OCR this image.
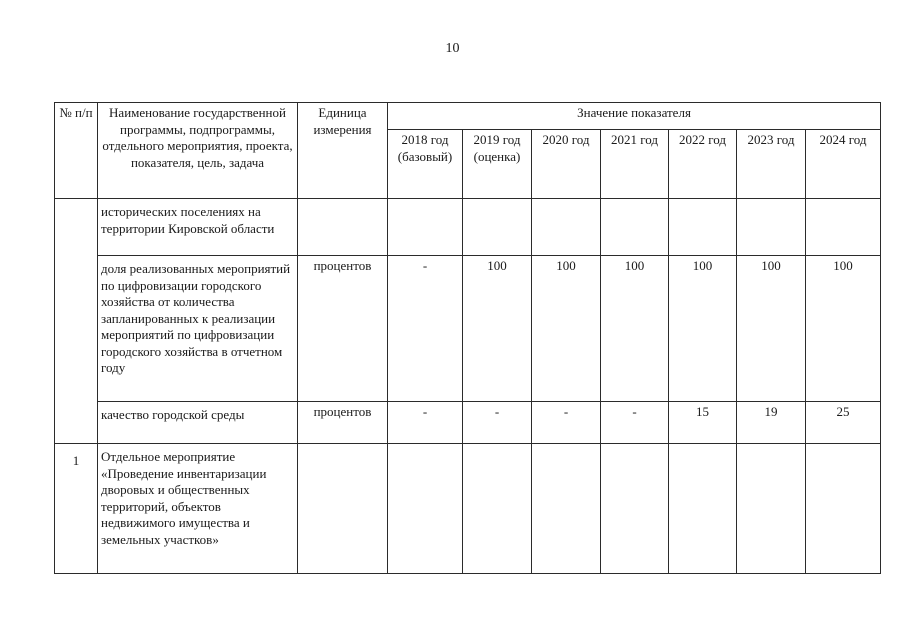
10
№ п/п	Наименование государственной программы, подпрограммы, отдельного мероприятия, проекта, показателя, цель, задача	Единица измерения	Значение показателя						
			2018 год (базовый)	2019 год (оценка)	2020 год	2021 год	2022 год	2023 год	2024 год
	исторических поселениях на территории Кировской области								
	доля реализованных мероприятий по цифровизации городского хозяйства от количества запланированных к реализации мероприятий по цифровизации городского хозяйства в отчетном году	процентов	-	100	100	100	100	100	100
	качество городской среды	процентов	-	-	-	-	15	19	25
1	Отдельное мероприятие «Проведение инвентаризации дворовых и общественных территорий, объектов недвижимого имущества и земельных участков»								
